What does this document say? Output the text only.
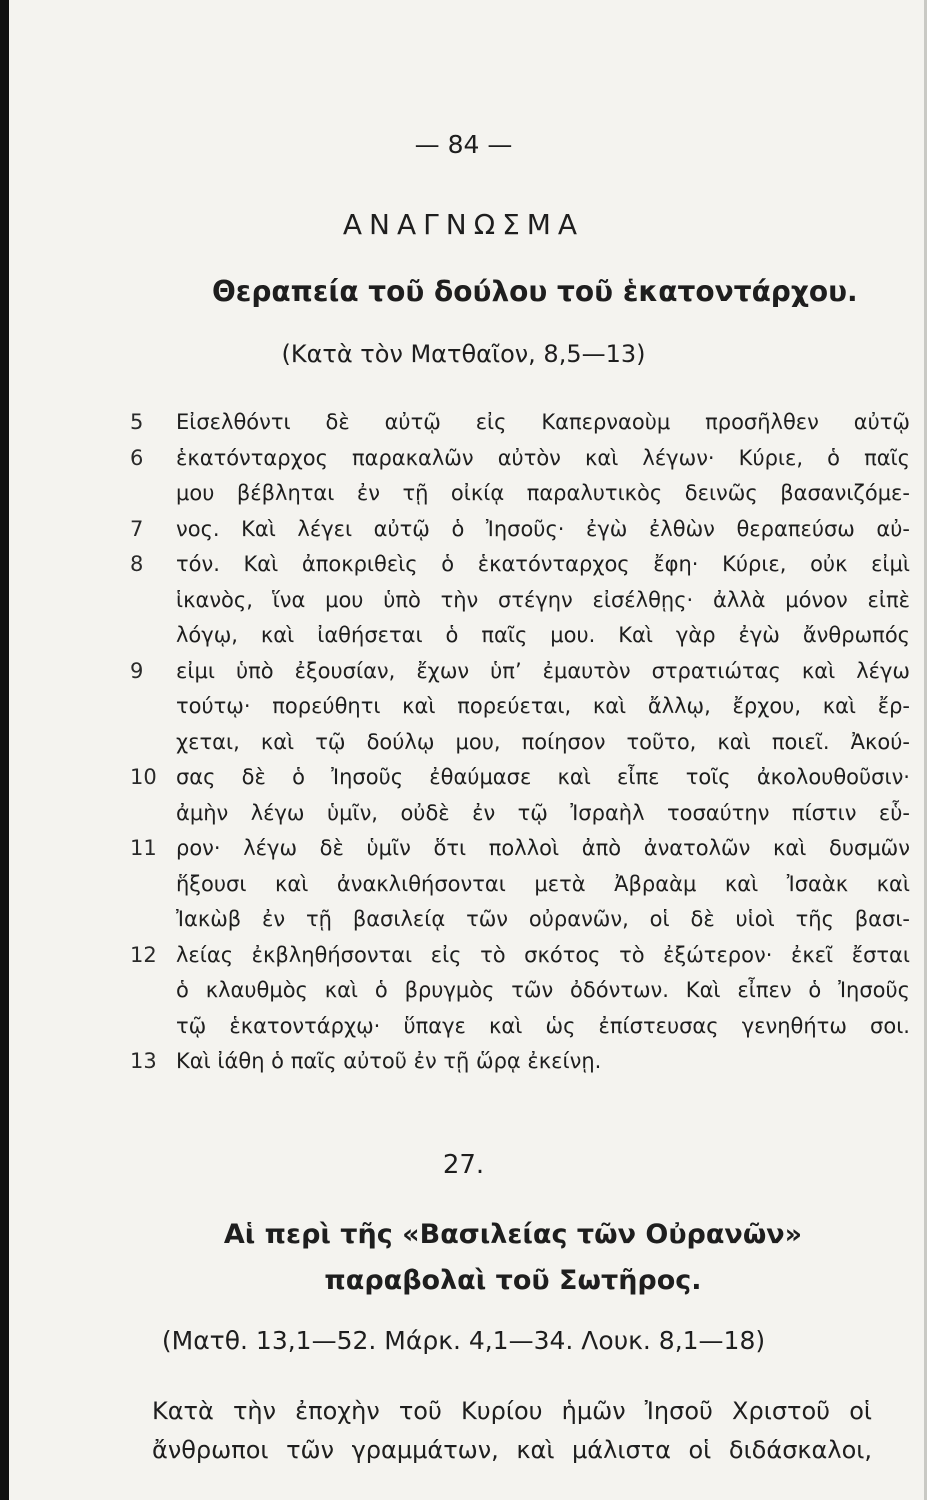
— 84 —
ΑΝΑΓΝΩΣΜΑ
Θεραπεία τοῦ δούλου τοῦ ἑκατοντάρχου.
(Κατὰ τὸν Ματθαῖον, 8,5—13)
5	Εἰσελθόντι δὲ αὐτῷ εἰς Καπερναοὺμ προσῆλθεν αὐτῷ
6	ἑκατόνταρχος παρακαλῶν αὐτὸν καὶ λέγων· Κύριε, ὁ παῖς
μου βέβληται ἐν τῇ οἰκίᾳ παραλυτικὸς δεινῶς βασανιζόμε-
7	νος. Καὶ λέγει αὐτῷ ὁ Ἰησοῦς· ἐγὼ ἐλθὼν θεραπεύσω αὐ-
8	τόν. Καὶ ἀποκριθεὶς ὁ ἑκατόνταρχος ἔφη· Κύριε, οὐκ εἰμὶ
ἱκανὸς, ἵνα μου ὑπὸ τὴν στέγην εἰσέλθῃς· ἀλλὰ μόνον εἰπὲ
λόγῳ, καὶ ἰαθήσεται ὁ παῖς μου. Καὶ γὰρ ἐγὼ ἄνθρωπός
9	εἰμι ὑπὸ ἐξουσίαν, ἔχων ὑπ’ ἐμαυτὸν στρατιώτας καὶ λέγω
τούτῳ· πορεύθητι καὶ πορεύεται, καὶ ἄλλῳ, ἔρχου, καὶ ἔρ-
χεται, καὶ τῷ δούλῳ μου, ποίησον τοῦτο, καὶ ποιεῖ. Ἀκού-
10 σας δὲ ὁ Ἰησοῦς ἐθαύμασε καὶ εἶπε τοῖς ἀκολουθοῦσιν·
ἀμὴν λέγω ὑμῖν, οὐδὲ ἐν τῷ Ἰσραὴλ τοσαύτην πίστιν εὗ-
11 ρον· λέγω δὲ ὑμῖν ὅτι πολλοὶ ἀπὸ ἀνατολῶν καὶ δυσμῶν
ἥξουσι καὶ ἀνακλιθήσονται μετὰ Ἀβραὰμ καὶ Ἰσαὰκ καὶ
Ἰακὼβ ἐν τῇ βασιλείᾳ τῶν οὐρανῶν, οἱ δὲ υἱοὶ τῆς βασι-
12 λείας ἐκβληθήσονται εἰς τὸ σκότος τὸ ἐξώτερον· ἐκεῖ ἔσται
ὁ κλαυθμὸς καὶ ὁ βρυγμὸς τῶν ὀδόντων. Καὶ εἶπεν ὁ Ἰησοῦς
τῷ ἑκατοντάρχῳ· ὕπαγε καὶ ὡς ἐπίστευσας γενηθήτω σοι.
13 Καὶ ἰάθη ὁ παῖς αὐτοῦ ἐν τῇ ὥρᾳ ἐκείνῃ.
27.
Αἱ περὶ τῆς «Βασιλείας τῶν Οὐρανῶν» παραβολαὶ τοῦ Σωτῆρος.
(Ματθ. 13,1—52. Μάρκ. 4,1—34. Λουκ. 8,1—18)
Κατὰ τὴν ἐποχὴν τοῦ Κυρίου ἡμῶν Ἰησοῦ Χριστοῦ οἱ
ἄνθρωποι τῶν γραμμάτων, καὶ μάλιστα οἱ διδάσκαλοι,
